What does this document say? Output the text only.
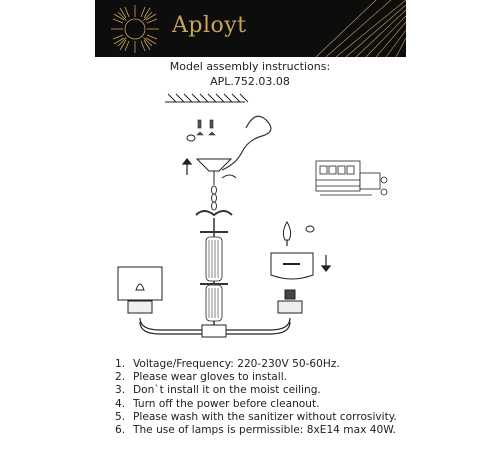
Aployt
Model assembly instructions:
APL.752.03.08
1. Voltage/Frequency: 220-230V 50-60Hz.
2. Please wear gloves to install.
3. Don`t install it on the moist ceiling.
4. Turn off the power before cleanout.
5. Please wash with the sanitizer without corrosivity.
6. The use of lamps is permissible: 8xE14 max 40W.
